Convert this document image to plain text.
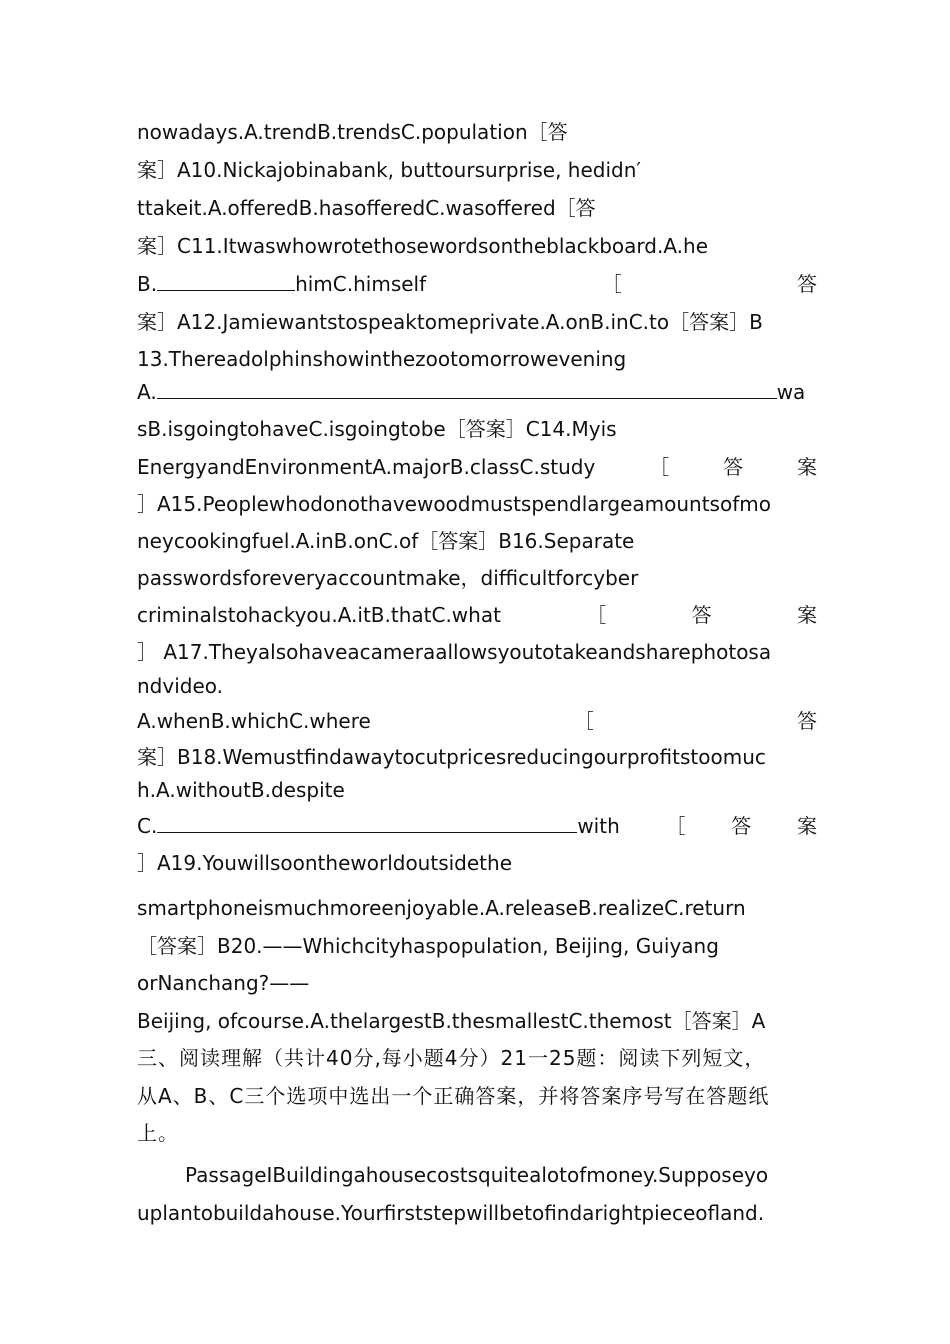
nowadays.A.trendB.trendsC.population［答
案］A10.Nickajobinabank, buttoursurprise, hedidn′
ttakeit.A.offeredB.hasofferedC.wasoffered［答
案］C11.Itwaswhowrotethosewordsontheblackboard.A.he
B.	himC.himself	［	答
案］A12.Jamiewantstospeaktomeprivate.A.onB.inC.to［答案］B
13.Thereadolphinshowinthezootomorrowevening
A.	wa
sB.isgoingtohaveC.isgoingtobe［答案］C14.Myis
EnergyandEnvironmentA.majorB.classC.study	［	答	案
］A15.Peoplewhodonothavewoodmustspendlargeamountsofmo
neycookingfuel.A.inB.onC.of［答案］B16.Separate
passwordsforeveryaccountmake，difficultforcyber
criminalstohackyou.A.itB.thatC.what	［	答	案
］ A17.Theyalsohaveacameraallowsyoutotakeandsharephotosa
ndvideo.
A.whenB.whichC.where	［	答
案］B18.Wemustfindawaytocutpricesreducingourprofitstoomuc
h.A.withoutB.despite
C.	with ［ 答 案
］A19.Youwillsoontheworldoutsidethe
smartphoneismuchmoreenjoyable.A.releaseB.realizeC.return
［答案］B20.——Whichcityhaspopulation, Beijing, Guiyang
orNanchang?——
Beijing, ofcourse.A.thelargestB.thesmallestC.themost［答案］A
三、阅读理解（共计40分,每小题4分）21一25题：阅读下列短文，
从A、B、C三个选项中选出一个正确答案，并将答案序号写在答题纸
上。
PassageIBuildingahousecostsquitealotofmoney.Supposeyo
uplantobuildahouse.Yourfirststepwillbetofindarightpieceofland.
